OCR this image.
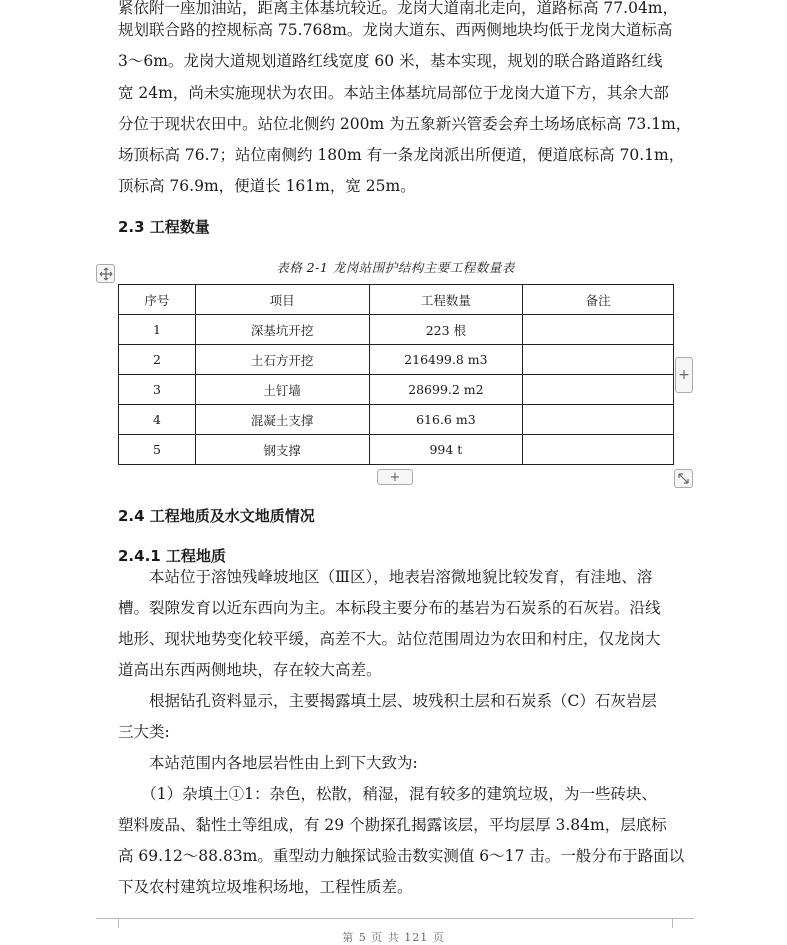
紧依附一座加油站，距离主体基坑较近。龙岗大道南北走向，道路标高 77.04m，

规划联合路的控规标高 75.768m。龙岗大道东、西两侧地块均低于龙岗大道标高

3～6m。龙岗大道规划道路红线宽度 60 米，基本实现，规划的联合路道路红线

宽 24m，尚未实施现状为农田。本站主体基坑局部位于龙岗大道下方，其余大部

分位于现状农田中。站位北侧约 200m 为五象新兴管委会弃土场场底标高 73.1m，

场顶标高 76.7；站位南侧约 180m 有一条龙岗派出所便道，便道底标高 70.1m，

顶标高 76.9m，便道长 161m，宽 25m。

2.3 工程数量
表格 2-1 龙岗站围护结构主要工程数量表
序号	项目	工程数量	备注
1	深基坑开挖	223 根	
2	土石方开挖	216499.8 m3	
3	土钉墙	28699.2 m2	
4	混凝土支撑	616.6 m3	
5	钢支撑	994 t	
+
+
2.4 工程地质及水文地质情况
2.4.1 工程地质

　　本站位于溶蚀残峰坡地区（Ⅲ区），地表岩溶微地貌比较发育，有洼地、溶

槽。裂隙发育以近东西向为主。本标段主要分布的基岩为石炭系的石灰岩。沿线

地形、现状地势变化较平缓，高差不大。站位范围周边为农田和村庄，仅龙岗大

道高出东西两侧地块，存在较大高差。

　　根据钻孔资料显示，主要揭露填土层、坡残积土层和石炭系（C）石灰岩层

三大类:

　　本站范围内各地层岩性由上到下大致为:

　　（1）杂填土①1：杂色，松散，稍湿，混有较多的建筑垃圾，为一些砖块、

塑料废品、黏性土等组成，有 29 个勘探孔揭露该层，平均层厚 3.84m，层底标

高 69.12～88.83m。重型动力触探试验击数实测值 6～17 击。一般分布于路面以

下及农村建筑垃圾堆积场地，工程性质差。

第 5 页 共 121 页
